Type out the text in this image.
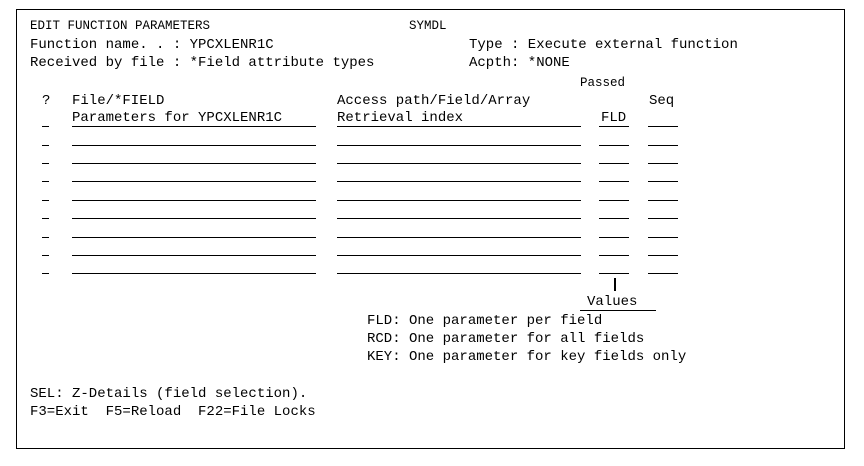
EDIT FUNCTION PARAMETERS	SYMDL
Function name. . : YPCXLENR1C	Type : Execute external function
Received by file : *Field attribute types	Acpth: *NONE
Passed
? File/*FIELD	Access path/Field/Array	Seq
Parameters for YPCXLENR1C	Retrieval index	FLD
Values
FLD: One parameter per field
RCD: One parameter for all fields
KEY: One parameter for key fields only
SEL: Z-Details (field selection).
F3=Exit  F5=Reload  F22=File Locks
